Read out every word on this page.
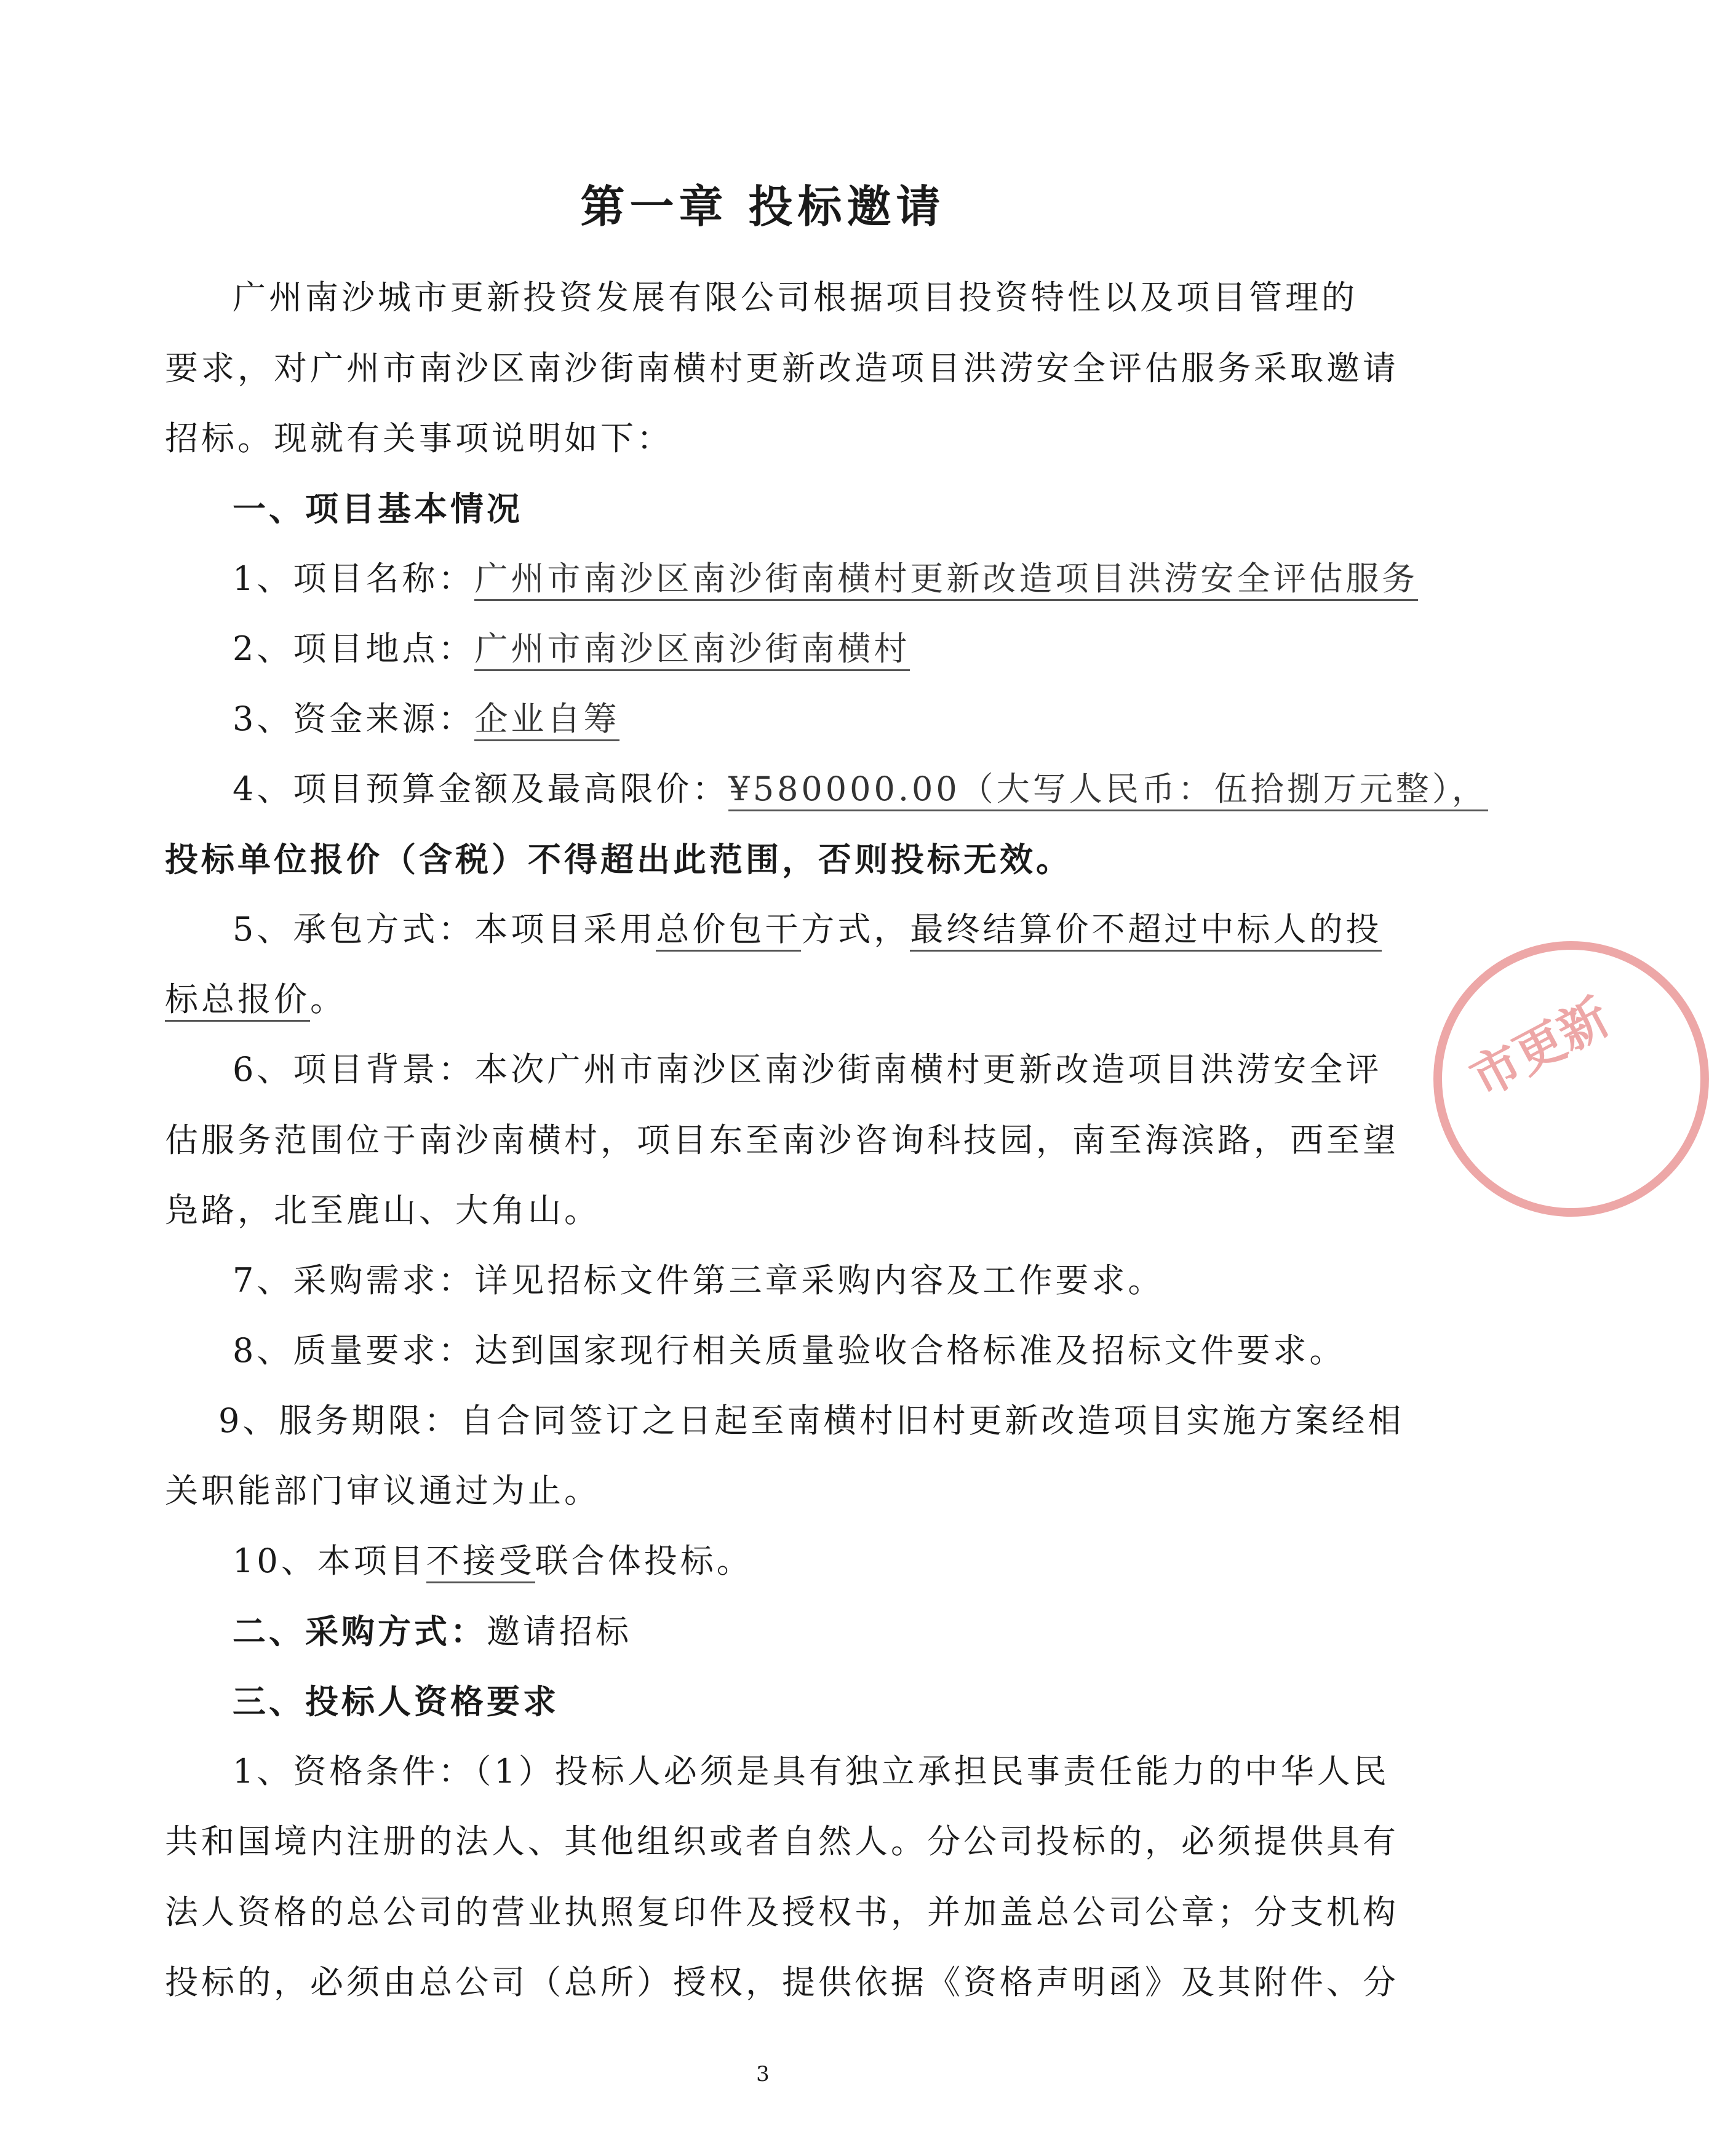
第一章 投标邀请
广州南沙城市更新投资发展有限公司根据项目投资特性以及项目管理的
要求，对广州市南沙区南沙街南横村更新改造项目洪涝安全评估服务采取邀请
招标。现就有关事项说明如下：
一、项目基本情况
1、项目名称：广州市南沙区南沙街南横村更新改造项目洪涝安全评估服务
2、项目地点：广州市南沙区南沙街南横村
3、资金来源：企业自筹
4、项目预算金额及最高限价：¥580000.00（大写人民币：伍拾捌万元整），
投标单位报价（含税）不得超出此范围，否则投标无效。
5、承包方式：本项目采用总价包干方式，最终结算价不超过中标人的投
标总报价。
6、项目背景：本次广州市南沙区南沙街南横村更新改造项目洪涝安全评
估服务范围位于南沙南横村，项目东至南沙咨询科技园，南至海滨路，西至望
凫路，北至鹿山、大角山。
7、采购需求：详见招标文件第三章采购内容及工作要求。
8、质量要求：达到国家现行相关质量验收合格标准及招标文件要求。
9、服务期限：自合同签订之日起至南横村旧村更新改造项目实施方案经相
关职能部门审议通过为止。
10、本项目不接受联合体投标。
二、采购方式：邀请招标
三、投标人资格要求
1、资格条件：（1）投标人必须是具有独立承担民事责任能力的中华人民
共和国境内注册的法人、其他组织或者自然人。分公司投标的，必须提供具有
法人资格的总公司的营业执照复印件及授权书，并加盖总公司公章；分支机构
投标的，必须由总公司（总所）授权，提供依据《资格声明函》及其附件、分
3
市更新
